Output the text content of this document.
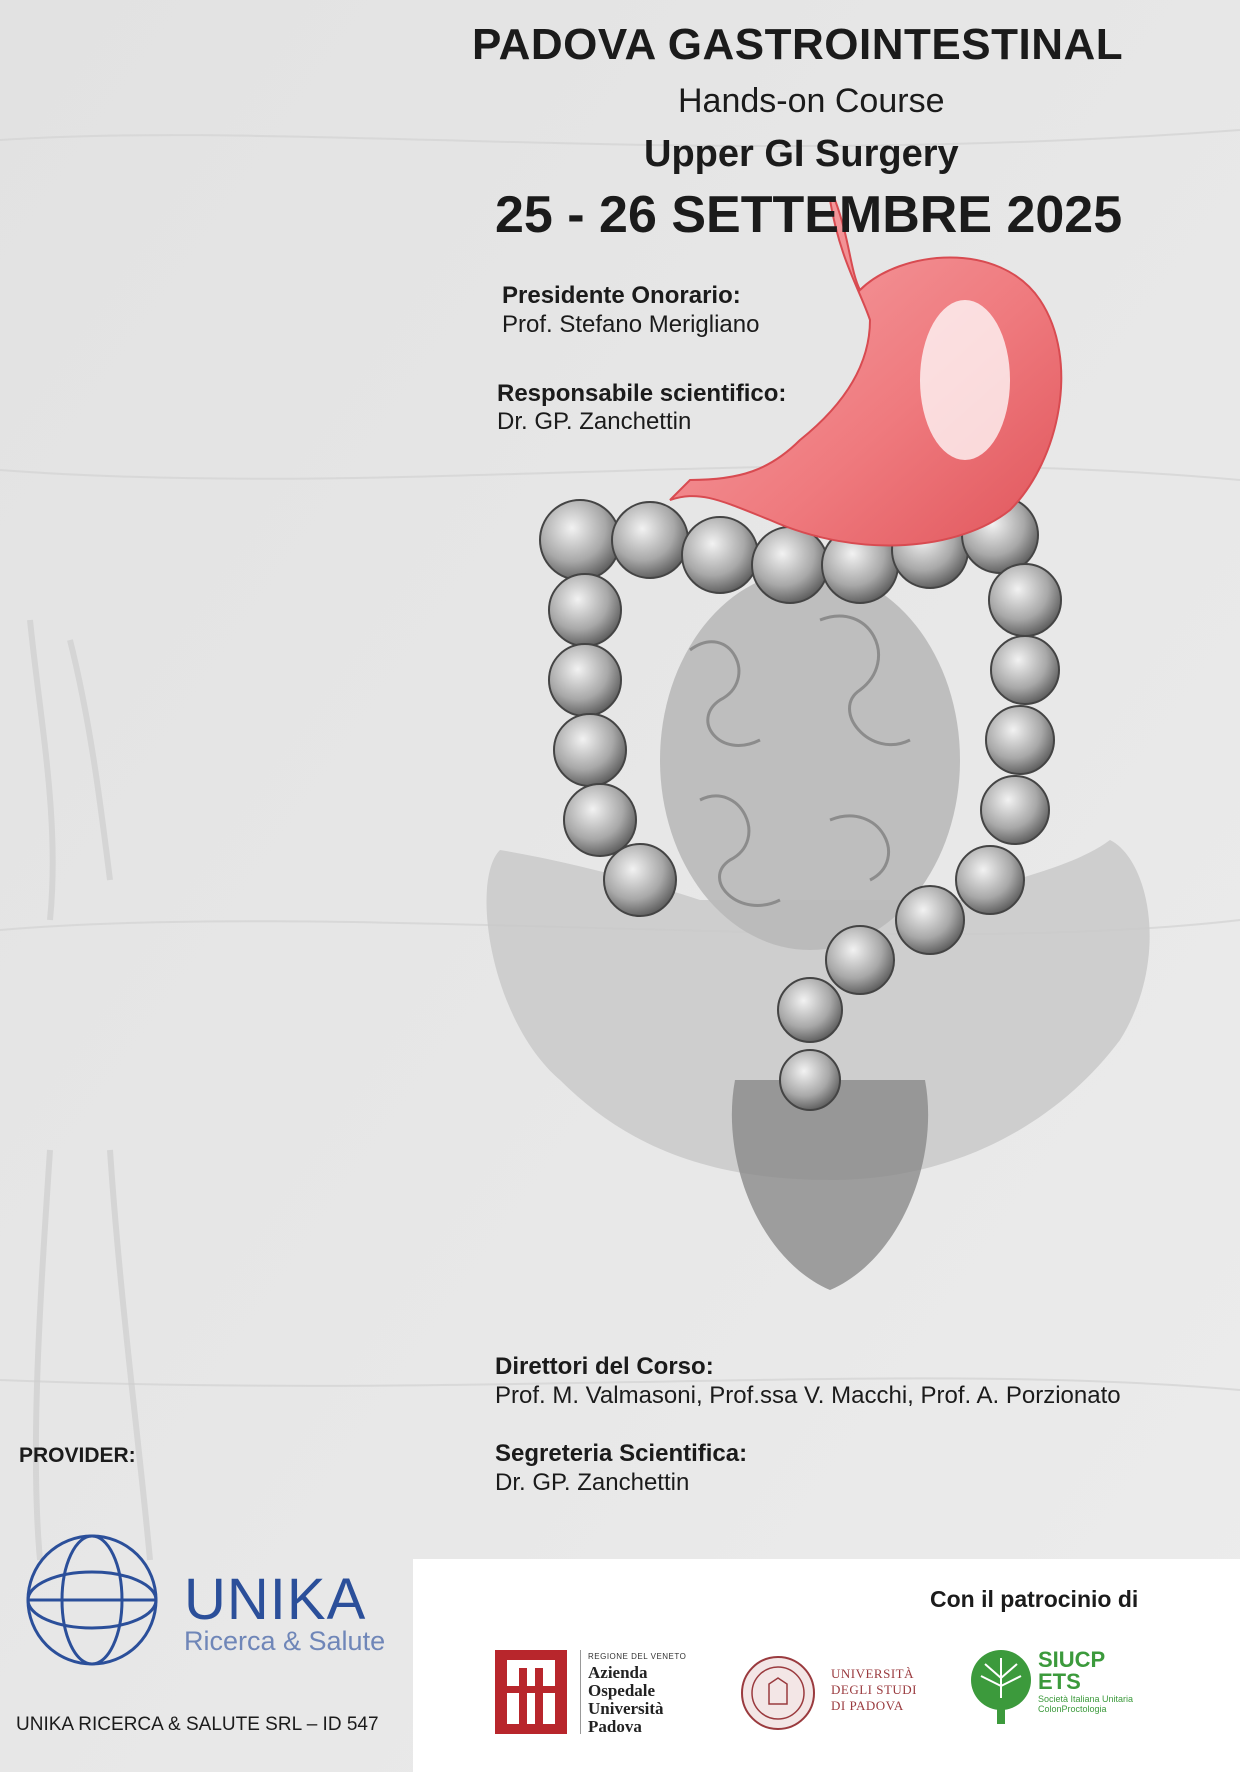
PADOVA GASTROINTESTINAL
Hands-on Course
Upper GI Surgery
25 - 26 SETTEMBRE 2025
Presidente Onorario:
Prof. Stefano Merigliano
Responsabile scientifico:
Dr. GP. Zanchettin
Direttori del Corso:
Prof. M. Valmasoni, Prof.ssa V. Macchi, Prof. A. Porzionato
Segreteria Scientifica:
Dr. GP. Zanchettin
PROVIDER:
UNIKA
Ricerca & Salute
UNIKA RICERCA & SALUTE SRL – ID 547
Con il patrocinio di
REGIONE DEL VENETO
Azienda
Ospedale
Università
Padova
UNIVERSITÀ
DEGLI STUDI
DI PADOVA
SIUCP
ETS
Società Italiana Unitaria ColonProctologia
